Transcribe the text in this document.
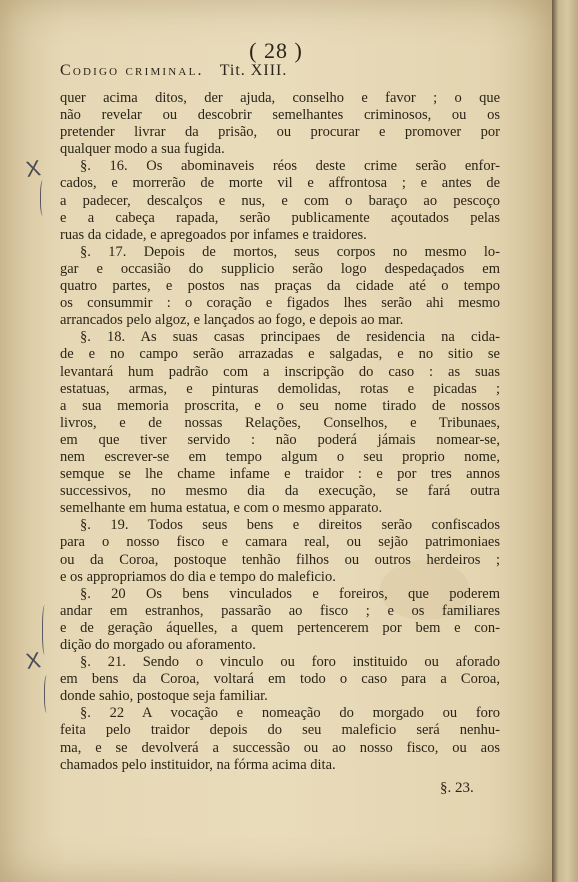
( 28 )
Codigo criminal. Tit. XIII.
quer acima ditos, der ajuda, conselho e favor ; o que
não revelar ou descobrir semelhantes criminosos, ou os
pretender livrar da prisão, ou procurar e promover por
qualquer modo a sua fugida.
§. 16. Os abominaveis réos deste crime serão enfor-
cados, e morrerão de morte vil e affrontosa ; e antes de
a padecer, descalços e nus, e com o baraço ao pescoço
e a cabeça rapada, serão publicamente açoutados pelas
ruas da cidade, e apregoados por infames e traidores.
§. 17. Depois de mortos, seus corpos no mesmo lo-
gar e occasião do supplicio serão logo despedaçados em
quatro partes, e postos nas praças da cidade até o tempo
os consummir : o coração e figados lhes serão ahi mesmo
arrancados pelo algoz, e lançados ao fogo, e depois ao mar.
§. 18. As suas casas principaes de residencia na cida-
de e no campo serão arrazadas e salgadas, e no sitio se
levantará hum padrão com a inscripção do caso : as suas
estatuas, armas, e pinturas demolidas, rotas e picadas ;
a sua memoria proscrita, e o seu nome tirado de nossos
livros, e de nossas Relações, Conselhos, e Tribunaes,
em que tiver servido : não poderá jámais nomear-se,
nem escrever-se em tempo algum o seu proprio nome,
semque se lhe chame infame e traidor : e por tres annos
successivos, no mesmo dia da execução, se fará outra
semelhante em huma estatua, e com o mesmo apparato.
§. 19. Todos seus bens e direitos serão confiscados
para o nosso fisco e camara real, ou sejão patrimoniaes
ou da Coroa, postoque tenhão filhos ou outros herdeiros ;
e os appropriamos do dia e tempo do maleficio.
§. 20 Os bens vinculados e foreiros, que poderem
andar em estranhos, passarão ao fisco ; e os familiares
e de geração áquelles, a quem pertencerem por bem e con-
dição do morgado ou aforamento.
§. 21. Sendo o vinculo ou foro instituido ou aforado
em bens da Coroa, voltará em todo o caso para a Coroa,
donde sahio, postoque seja familiar.
§. 22 A vocação e nomeação do morgado ou foro
feita pelo traidor depois do seu maleficio será nenhu-
ma, e se devolverá a successão ou ao nosso fisco, ou aos
chamados pelo instituidor, na fórma acima dita.
§. 23.
X
X
